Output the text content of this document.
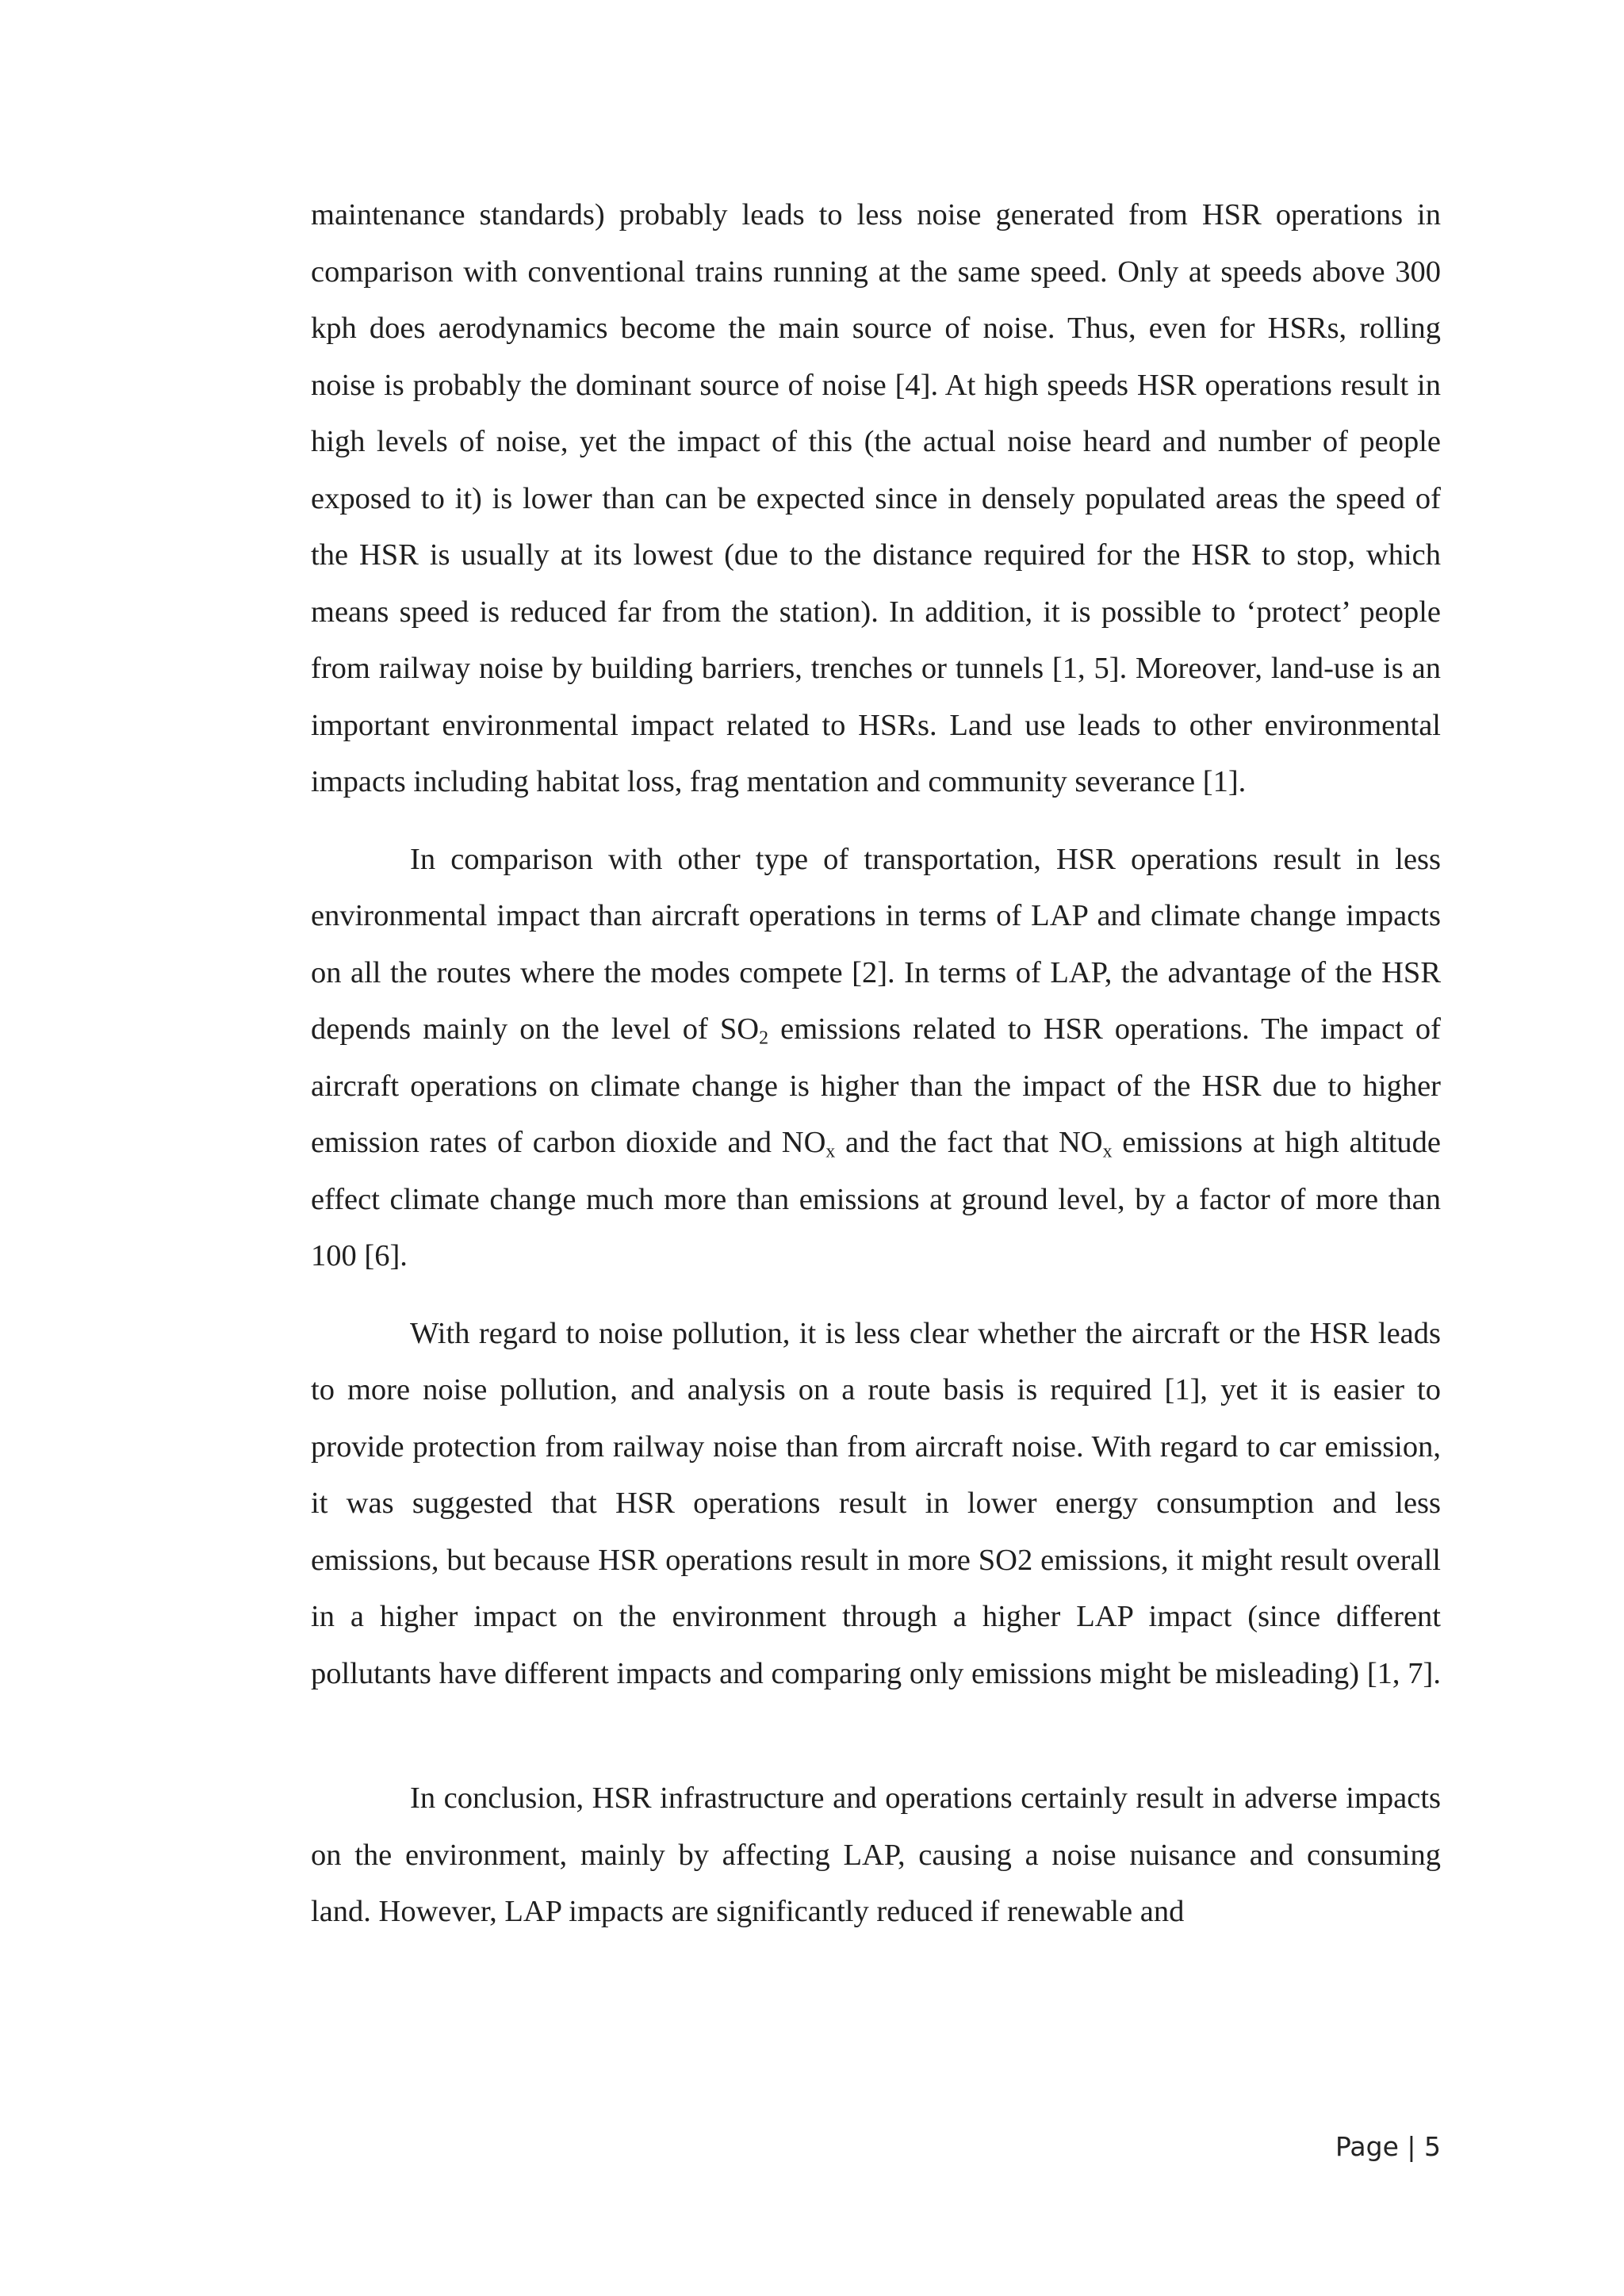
maintenance standards) probably leads to less noise generated from HSR operations in comparison with conventional trains running at the same speed. Only at speeds above 300 kph does aerodynamics become the main source of noise. Thus, even for HSRs, rolling noise is probably the dominant source of noise [4]. At high speeds HSR operations result in high levels of noise, yet the impact of this (the actual noise heard and number of people exposed to it) is lower than can be expected since in densely populated areas the speed of the HSR is usually at its lowest (due to the distance required for the HSR to stop, which means speed is reduced far from the station). In addition, it is possible to ‘protect’ people from railway noise by building barriers, trenches or tunnels [1, 5]. Moreover, land-use is an important environmental impact related to HSRs. Land use leads to other environmental impacts including habitat loss, frag mentation and community severance [1].

In comparison with other type of transportation, HSR operations result in less environmental impact than aircraft operations in terms of LAP and climate change impacts on all the routes where the modes compete [2]. In terms of LAP, the advantage of the HSR depends mainly on the level of $SO_2$ emissions related to HSR operations. The impact of aircraft operations on climate change is higher than the impact of the HSR due to higher emission rates of carbon dioxide and $NO_x$ and the fact that $NO_x$ emissions at high altitude effect climate change much more than emissions at ground level, by a factor of more than 100 [6].

With regard to noise pollution, it is less clear whether the aircraft or the HSR leads to more noise pollution, and analysis on a route basis is required [1], yet it is easier to provide protection from railway noise than from aircraft noise. With regard to car emission, it was suggested that HSR operations result in lower energy consumption and less emissions, but because HSR operations result in more SO2 emissions, it might result overall in a higher impact on the environment through a higher LAP impact (since different pollutants have different impacts and comparing only emissions might be misleading) [1, 7].

In conclusion, HSR infrastructure and operations certainly result in adverse impacts on the environment, mainly by affecting LAP, causing a noise nuisance and consuming land. However, LAP impacts are significantly reduced if renewable and

Page | 5
